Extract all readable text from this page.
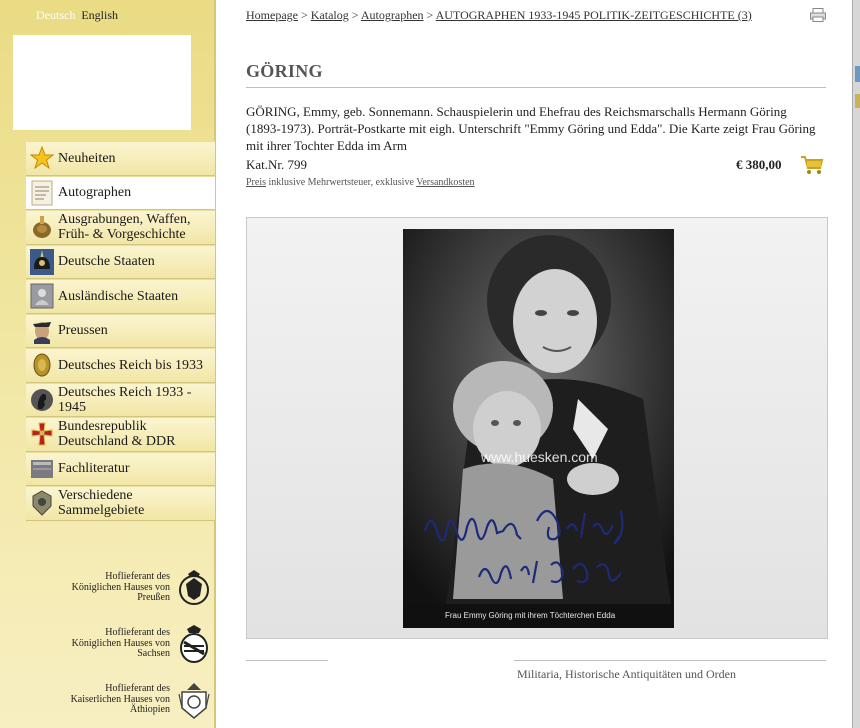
Deutsch English
Neuheiten
Autographen
Ausgrabungen, Waffen, Früh- & Vorgeschichte
Deutsche Staaten
Ausländische Staaten
Preussen
Deutsches Reich bis 1933
Deutsches Reich 1933 - 1945
Bundesrepublik Deutschland & DDR
Fachliteratur
Verschiedene Sammelgebiete
Hoflieferant des Königlichen Hauses von Preußen
Hoflieferant des Königlichen Hauses von Sachsen
Hoflieferant des Kaiserlichen Hauses von Äthiopien
Homepage > Katalog > Autographen > AUTOGRAPHEN 1933-1945 POLITIK-ZEITGESCHICHTE (3)
GÖRING
GÖRING, Emmy, geb. Sonnemann. Schauspielerin und Ehefrau des Reichsmarschalls Hermann Göring (1893-1973). Porträt-Postkarte mit eigh. Unterschrift "Emmy Göring und Edda". Die Karte zeigt Frau Göring mit ihrer Tochter Edda im Arm
Kat.Nr. 799	€ 380,00
Preis inklusive Mehrwertsteuer, exklusive Versandkosten
www.huesken.com
Frau Emmy Göring mit ihrem Töchterchen Edda
Militaria, Historische Antiquitäten und Orden
